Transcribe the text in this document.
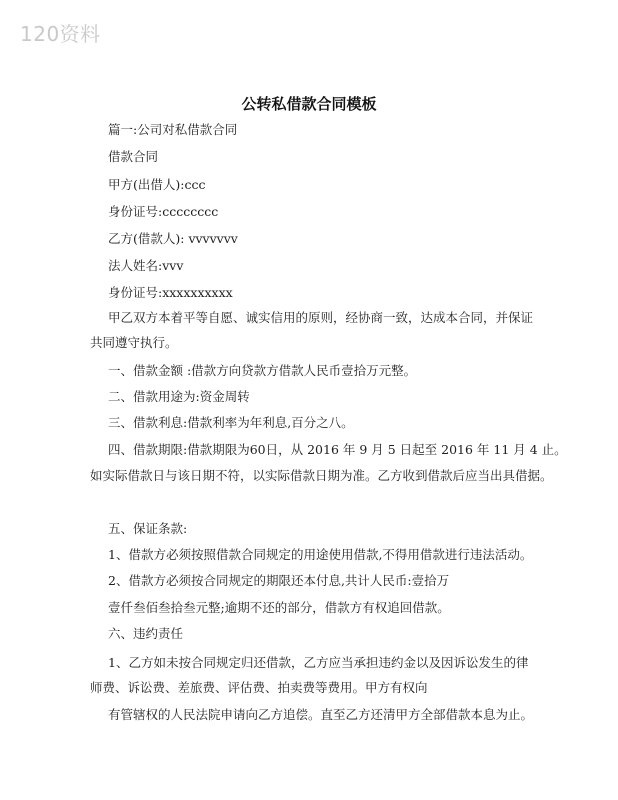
120资料
公转私借款合同模板
篇一:公司对私借款合同
借款合同
甲方(出借人):ccc
身份证号:cccccccc
乙方(借款人): vvvvvvv
法人姓名:vvv
身份证号:xxxxxxxxxx
甲乙双方本着平等自愿、诚实信用的原则，经协商一致，达成本合同，并保证
共同遵守执行。
一、借款金额 :借款方向贷款方借款人民币壹拾万元整。
二、借款用途为:资金周转
三、借款利息:借款利率为年利息,百分之八。
四、借款期限:借款期限为60日，从 2016 年 9 月 5 日起至 2016 年 11 月 4 止。
如实际借款日与该日期不符，以实际借款日期为准。乙方收到借款后应当出具借据。
五、保证条款:
1、借款方必须按照借款合同规定的用途使用借款,不得用借款进行违法活动。
2、借款方必须按合同规定的期限还本付息,共计人民币:壹拾万
壹仟叁佰叁拾叁元整;逾期不还的部分，借款方有权追回借款。
六、违约责任
1、乙方如未按合同规定归还借款，乙方应当承担违约金以及因诉讼发生的律
师费、诉讼费、差旅费、评估费、拍卖费等费用。甲方有权向
有管辖权的人民法院申请向乙方追偿。直至乙方还清甲方全部借款本息为止。
